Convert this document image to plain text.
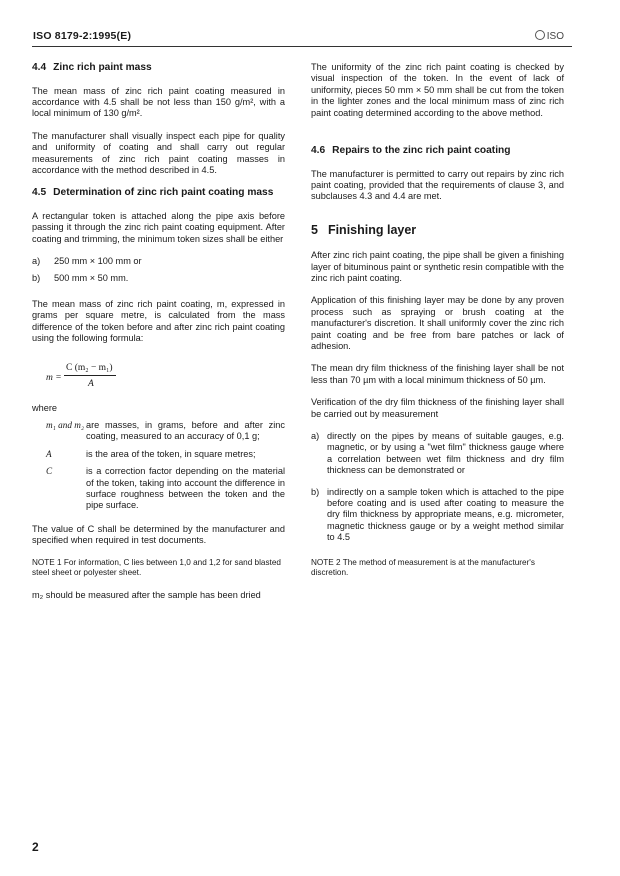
ISO 8179-2:1995(E)	ISO
4.4 Zinc rich paint mass

The mean mass of zinc rich paint coating measured in accordance with 4.5 shall be not less than 150 g/m², with a local minimum of 130 g/m².

The manufacturer shall visually inspect each pipe for quality and uniformity of coating and shall carry out regular measurements of zinc rich paint coating masses in accordance with the method described in 4.5.

4.5 Determination of zinc rich paint coating mass

A rectangular token is attached along the pipe axis before passing it through the zinc rich paint coating equipment. After coating and trimming, the minimum token sizes shall be either

a)	250 mm × 100 mm or
b)	500 mm × 50 mm.

The mean mass of zinc rich paint coating, m, expressed in grams per square metre, is calculated from the mass difference of the token before and after zinc rich paint coating using the following formula:

m =
C (m₂ − m₁)
A

where

m₁ and m₂ are masses, in grams, before and after zinc coating, measured to an accuracy of 0,1 g;
A	is the area of the token, in square metres;
C	is a correction factor depending on the material of the token, taking into account the difference in surface roughness between the token and the pipe surface.

The value of C shall be determined by the manufacturer and specified when required in test documents.

NOTE 1 For information, C lies between 1,0 and 1,2 for sand blasted steel sheet or polyester sheet.

m₂ should be measured after the sample has been dried

The uniformity of the zinc rich paint coating is checked by visual inspection of the token. In the event of lack of uniformity, pieces 50 mm × 50 mm shall be cut from the token in the lighter zones and the local minimum mass of zinc rich paint coating determined according to the above method.

4.6 Repairs to the zinc rich paint coating

The manufacturer is permitted to carry out repairs by zinc rich paint coating, provided that the requirements of clause 3, and subclauses 4.3 and 4.4 are met.

5 Finishing layer

After zinc rich paint coating, the pipe shall be given a finishing layer of bituminous paint or synthetic resin compatible with the zinc rich paint coating.

Application of this finishing layer may be done by any proven process such as spraying or brush coating at the manufacturer's discretion. It shall uniformly cover the zinc rich paint coating and be free from bare patches or lack of adhesion.

The mean dry film thickness of the finishing layer shall be not less than 70 µm with a local minimum thickness of 50 µm.

Verification of the dry film thickness of the finishing layer shall be carried out by measurement

a) directly on the pipes by means of suitable gauges, e.g. magnetic, or by using a "wet film" thickness gauge where a correlation between wet film thickness and dry film thickness can be demonstrated or
b) indirectly on a sample token which is attached to the pipe before coating and is used after coating to measure the dry film thickness by appropriate means, e.g. micrometer, magnetic thickness gauge or by a weight method similar to 4.5

NOTE 2 The method of measurement is at the manufacturer's discretion.

2
